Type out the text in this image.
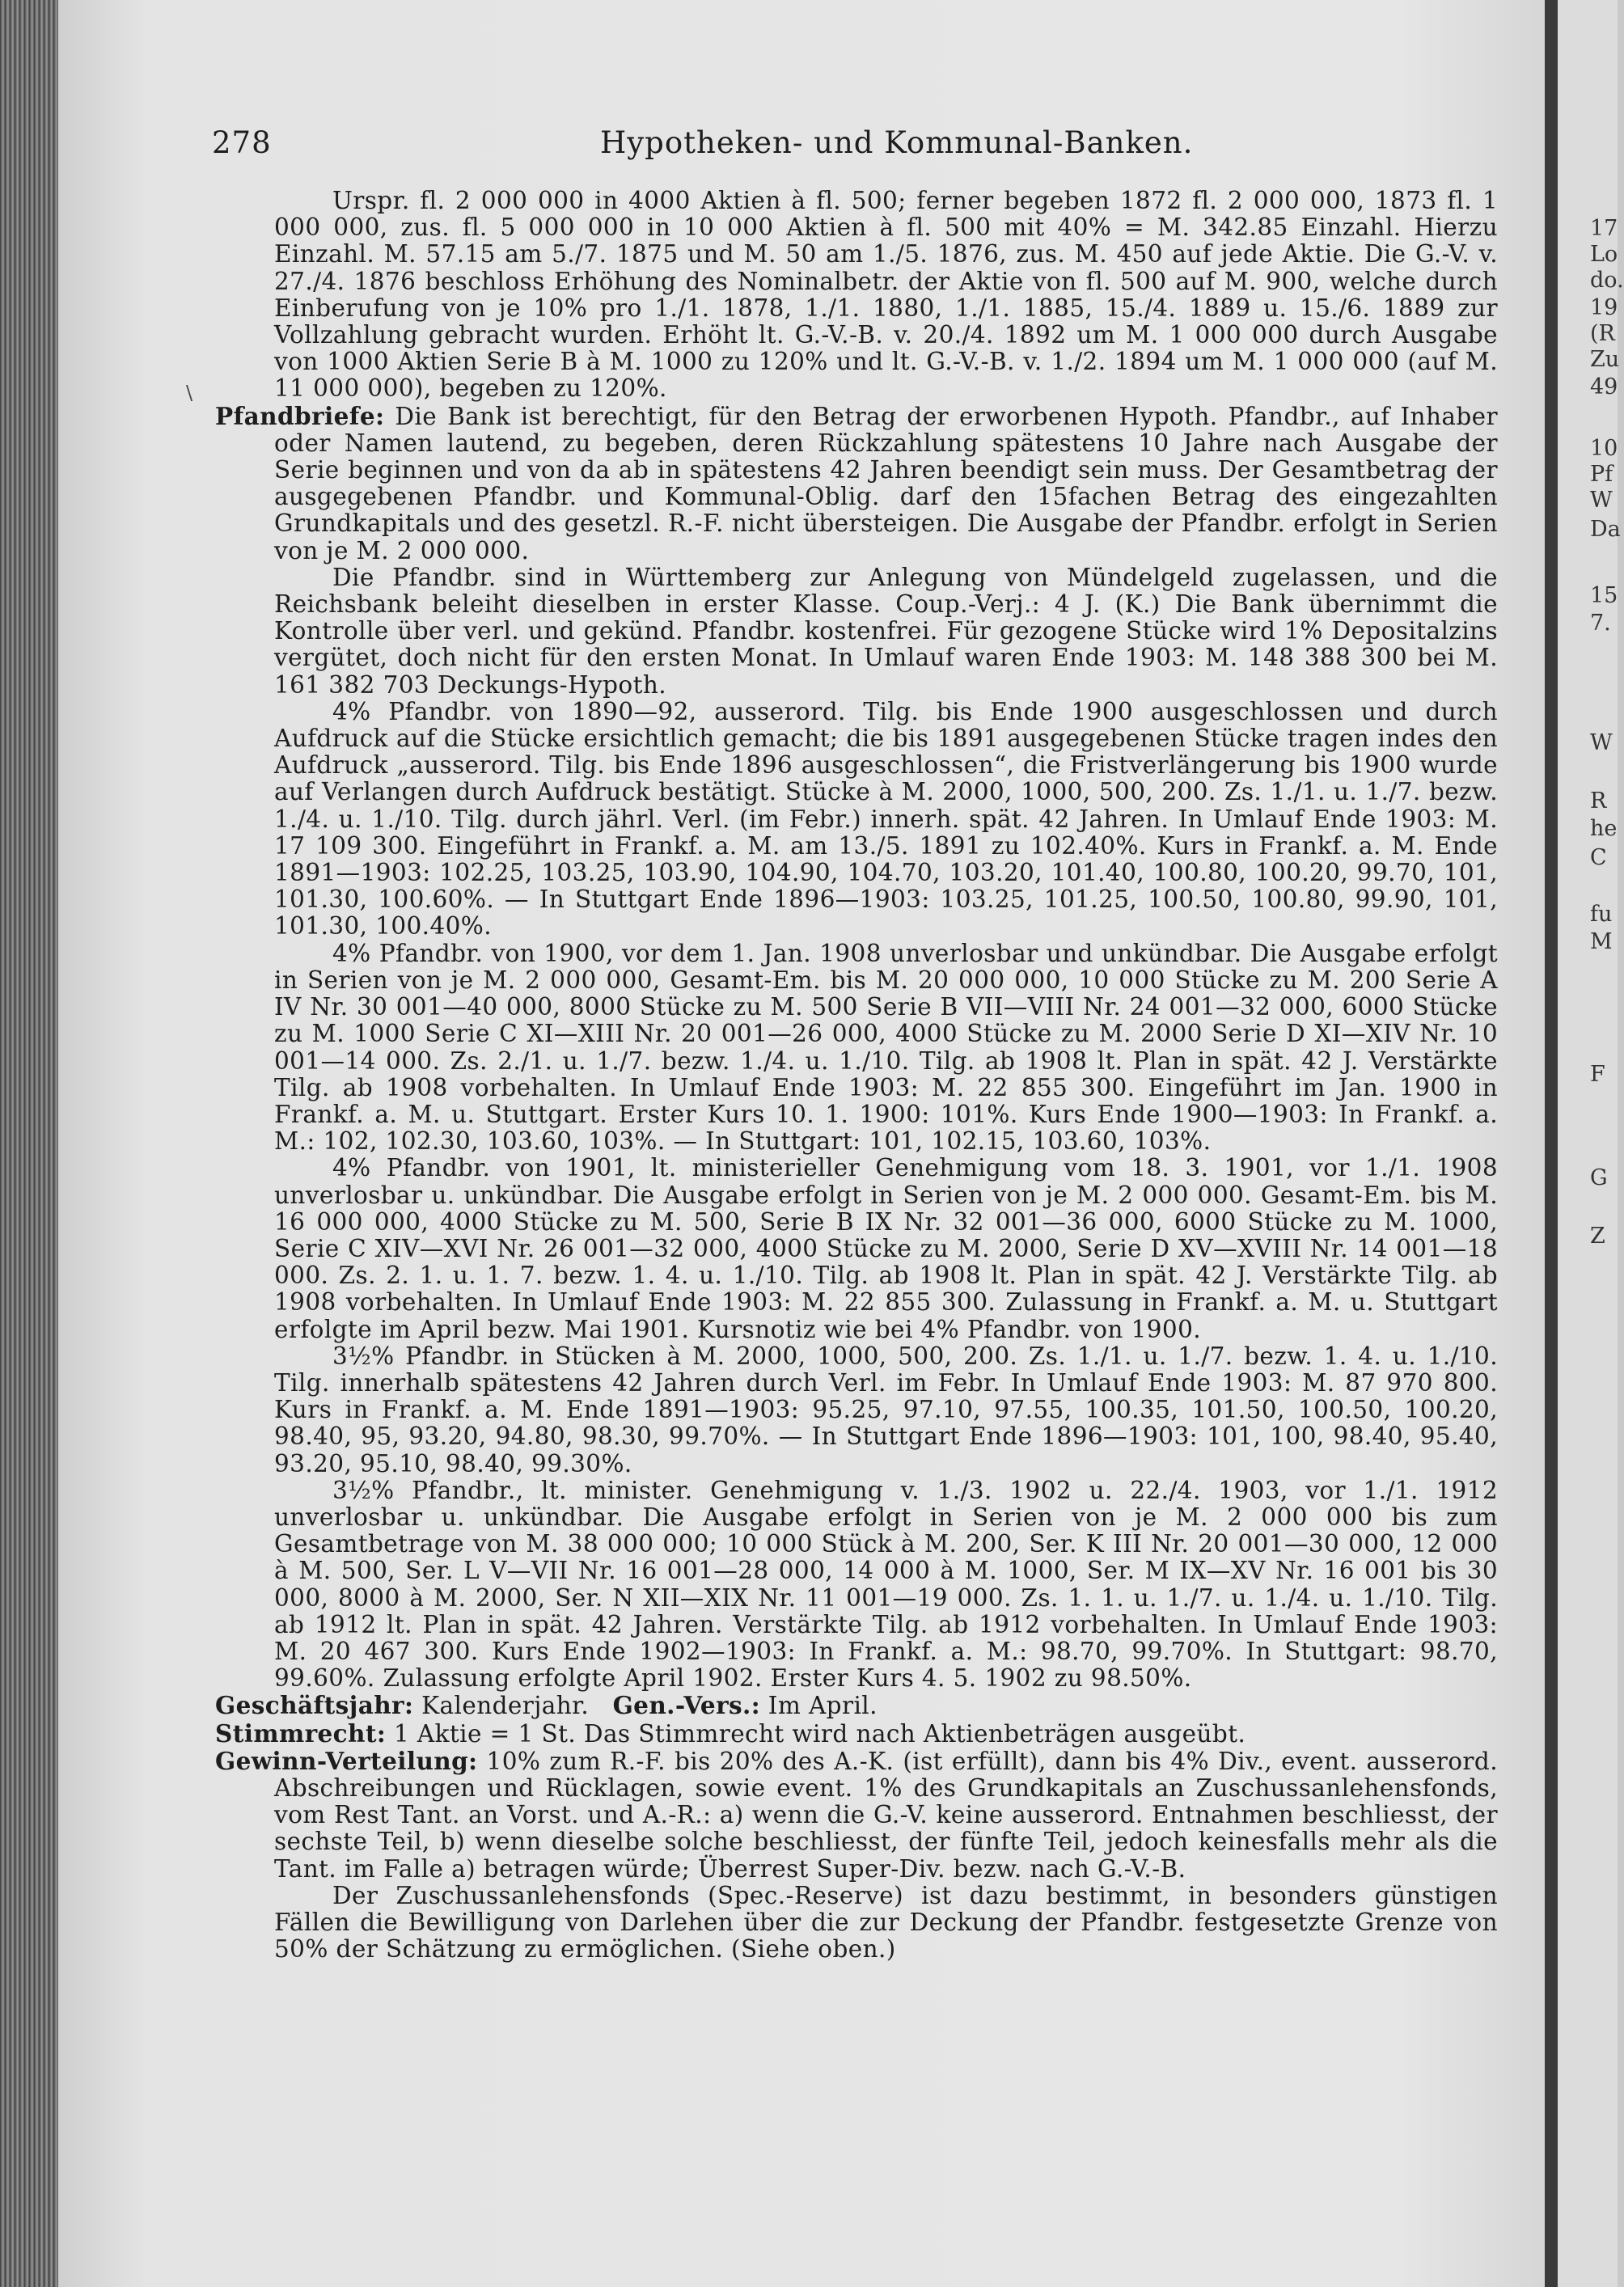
278	Hypotheken- und Kommunal-Banken.
\

Urspr. fl. 2 000 000 in 4000 Aktien à fl. 500; ferner begeben 1872 fl. 2 000 000, 1873 fl. 1 000 000, zus. fl. 5 000 000 in 10 000 Aktien à fl. 500 mit 40% = M. 342.85 Einzahl. Hierzu Einzahl. M. 57.15 am 5./7. 1875 und M. 50 am 1./5. 1876, zus. M. 450 auf jede Aktie. Die G.-V. v. 27./4. 1876 beschloss Erhöhung des Nominalbetr. der Aktie von fl. 500 auf M. 900, welche durch Einberufung von je 10% pro 1./1. 1878, 1./1. 1880, 1./1. 1885, 15./4. 1889 u. 15./6. 1889 zur Vollzahlung gebracht wurden. Erhöht lt. G.-V.-B. v. 20./4. 1892 um M. 1 000 000 durch Ausgabe von 1000 Aktien Serie B à M. 1000 zu 120% und lt. G.-V.-B. v. 1./2. 1894 um M. 1 000 000 (auf M. 11 000 000), begeben zu 120%.

Pfandbriefe: Die Bank ist berechtigt, für den Betrag der erworbenen Hypoth. Pfandbr., auf Inhaber oder Namen lautend, zu begeben, deren Rückzahlung spätestens 10 Jahre nach Ausgabe der Serie beginnen und von da ab in spätestens 42 Jahren beendigt sein muss. Der Gesamtbetrag der ausgegebenen Pfandbr. und Kommunal-Oblig. darf den 15fachen Betrag des eingezahlten Grundkapitals und des gesetzl. R.-F. nicht übersteigen. Die Ausgabe der Pfandbr. erfolgt in Serien von je M. 2 000 000.

Die Pfandbr. sind in Württemberg zur Anlegung von Mündelgeld zugelassen, und die Reichsbank beleiht dieselben in erster Klasse. Coup.-Verj.: 4 J. (K.) Die Bank übernimmt die Kontrolle über verl. und gekünd. Pfandbr. kostenfrei. Für gezogene Stücke wird 1% Depositalzins vergütet, doch nicht für den ersten Monat. In Umlauf waren Ende 1903: M. 148 388 300 bei M. 161 382 703 Deckungs-Hypoth.

4% Pfandbr. von 1890—92, ausserord. Tilg. bis Ende 1900 ausgeschlossen und durch Aufdruck auf die Stücke ersichtlich gemacht; die bis 1891 ausgegebenen Stücke tragen indes den Aufdruck „ausserord. Tilg. bis Ende 1896 ausgeschlossen“, die Fristverlängerung bis 1900 wurde auf Verlangen durch Aufdruck bestätigt. Stücke à M. 2000, 1000, 500, 200. Zs. 1./1. u. 1./7. bezw. 1./4. u. 1./10. Tilg. durch jährl. Verl. (im Febr.) innerh. spät. 42 Jahren. In Umlauf Ende 1903: M. 17 109 300. Eingeführt in Frankf. a. M. am 13./5. 1891 zu 102.40%. Kurs in Frankf. a. M. Ende 1891—1903: 102.25, 103.25, 103.90, 104.90, 104.70, 103.20, 101.40, 100.80, 100.20, 99.70, 101, 101.30, 100.60%. — In Stuttgart Ende 1896—1903: 103.25, 101.25, 100.50, 100.80, 99.90, 101, 101.30, 100.40%.

4% Pfandbr. von 1900, vor dem 1. Jan. 1908 unverlosbar und unkündbar. Die Ausgabe erfolgt in Serien von je M. 2 000 000, Gesamt-Em. bis M. 20 000 000, 10 000 Stücke zu M. 200 Serie A IV Nr. 30 001—40 000, 8000 Stücke zu M. 500 Serie B VII—VIII Nr. 24 001—32 000, 6000 Stücke zu M. 1000 Serie C XI—XIII Nr. 20 001—26 000, 4000 Stücke zu M. 2000 Serie D XI—XIV Nr. 10 001—14 000. Zs. 2./1. u. 1./7. bezw. 1./4. u. 1./10. Tilg. ab 1908 lt. Plan in spät. 42 J. Verstärkte Tilg. ab 1908 vorbehalten. In Umlauf Ende 1903: M. 22 855 300. Eingeführt im Jan. 1900 in Frankf. a. M. u. Stuttgart. Erster Kurs 10. 1. 1900: 101%. Kurs Ende 1900—1903: In Frankf. a. M.: 102, 102.30, 103.60, 103%. — In Stuttgart: 101, 102.15, 103.60, 103%.

4% Pfandbr. von 1901, lt. ministerieller Genehmigung vom 18. 3. 1901, vor 1./1. 1908 unverlosbar u. unkündbar. Die Ausgabe erfolgt in Serien von je M. 2 000 000. Gesamt-Em. bis M. 16 000 000, 4000 Stücke zu M. 500, Serie B IX Nr. 32 001—36 000, 6000 Stücke zu M. 1000, Serie C XIV—XVI Nr. 26 001—32 000, 4000 Stücke zu M. 2000, Serie D XV—XVIII Nr. 14 001—18 000. Zs. 2. 1. u. 1. 7. bezw. 1. 4. u. 1./10. Tilg. ab 1908 lt. Plan in spät. 42 J. Verstärkte Tilg. ab 1908 vorbehalten. In Umlauf Ende 1903: M. 22 855 300. Zulassung in Frankf. a. M. u. Stuttgart erfolgte im April bezw. Mai 1901. Kursnotiz wie bei 4% Pfandbr. von 1900.

3½% Pfandbr. in Stücken à M. 2000, 1000, 500, 200. Zs. 1./1. u. 1./7. bezw. 1. 4. u. 1./10. Tilg. innerhalb spätestens 42 Jahren durch Verl. im Febr. In Umlauf Ende 1903: M. 87 970 800. Kurs in Frankf. a. M. Ende 1891—1903: 95.25, 97.10, 97.55, 100.35, 101.50, 100.50, 100.20, 98.40, 95, 93.20, 94.80, 98.30, 99.70%. — In Stuttgart Ende 1896—1903: 101, 100, 98.40, 95.40, 93.20, 95.10, 98.40, 99.30%.

3½% Pfandbr., lt. minister. Genehmigung v. 1./3. 1902 u. 22./4. 1903, vor 1./1. 1912 unverlosbar u. unkündbar. Die Ausgabe erfolgt in Serien von je M. 2 000 000 bis zum Gesamtbetrage von M. 38 000 000; 10 000 Stück à M. 200, Ser. K III Nr. 20 001—30 000, 12 000 à M. 500, Ser. L V—VII Nr. 16 001—28 000, 14 000 à M. 1000, Ser. M IX—XV Nr. 16 001 bis 30 000, 8000 à M. 2000, Ser. N XII—XIX Nr. 11 001—19 000. Zs. 1. 1. u. 1./7. u. 1./4. u. 1./10. Tilg. ab 1912 lt. Plan in spät. 42 Jahren. Verstärkte Tilg. ab 1912 vorbehalten. In Umlauf Ende 1903: M. 20 467 300. Kurs Ende 1902—1903: In Frankf. a. M.: 98.70, 99.70%. In Stuttgart: 98.70, 99.60%. Zulassung erfolgte April 1902. Erster Kurs 4. 5. 1902 zu 98.50%.

Geschäftsjahr: Kalenderjahr. Gen.-Vers.: Im April.

Stimmrecht: 1 Aktie = 1 St. Das Stimmrecht wird nach Aktienbeträgen ausgeübt.

Gewinn-Verteilung: 10% zum R.-F. bis 20% des A.-K. (ist erfüllt), dann bis 4% Div., event. ausserord. Abschreibungen und Rücklagen, sowie event. 1% des Grundkapitals an Zuschussanlehensfonds, vom Rest Tant. an Vorst. und A.-R.: a) wenn die G.-V. keine ausserord. Entnahmen beschliesst, der sechste Teil, b) wenn dieselbe solche beschliesst, der fünfte Teil, jedoch keinesfalls mehr als die Tant. im Falle a) betragen würde; Überrest Super-Div. bezw. nach G.-V.-B.

Der Zuschussanlehensfonds (Spec.-Reserve) ist dazu bestimmt, in besonders günstigen Fällen die Bewilligung von Darlehen über die zur Deckung der Pfandbr. festgesetzte Grenze von 50% der Schätzung zu ermöglichen. (Siehe oben.)

17
Lo
do.
19
(R
Zu
49
10
Pf
W
Da
15
7.
W
R
he
C
fu
M
F
G
Z
